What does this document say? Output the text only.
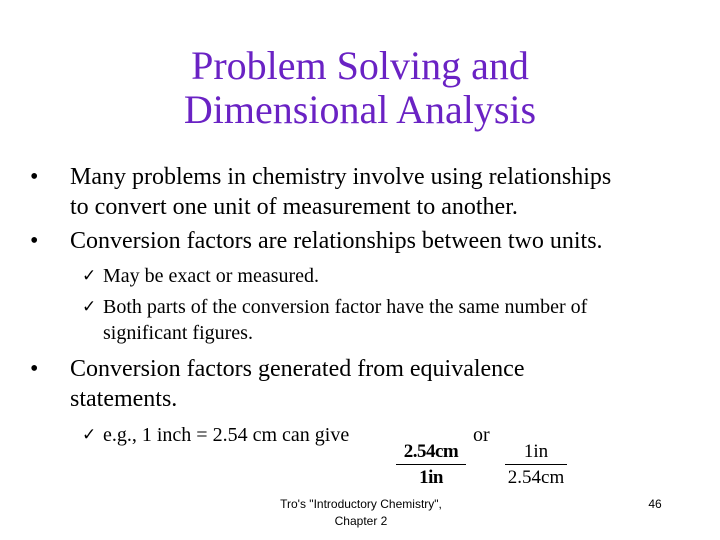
Problem Solving and
Dimensional Analysis
•	Many problems in chemistry involve using relationships
to convert one unit of measurement to another.
•	Conversion factors are relationships between two units.
✓ May be exact or measured.
✓ Both parts of the conversion factor have the same number of
significant figures.
•	Conversion factors generated from equivalence
statements.
✓ e.g., 1 inch = 2.54 cm can give
2.54cm
1in
or
1in
2.54cm
Tro's "Introductory Chemistry",
Chapter 2
46
